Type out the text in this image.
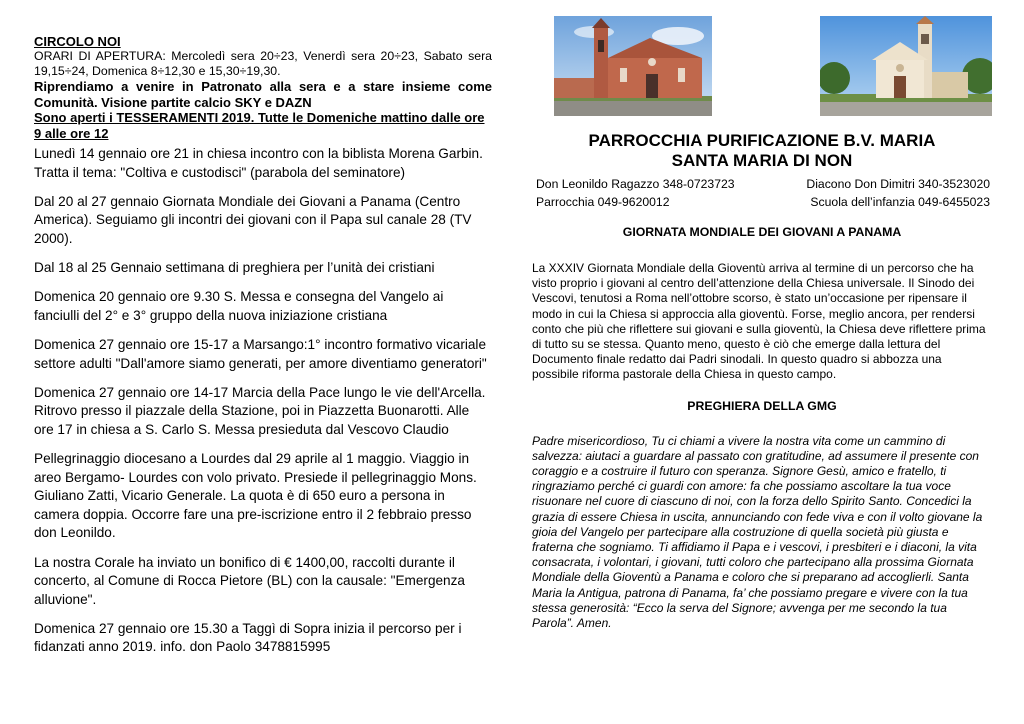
CIRCOLO NOI
ORARI DI APERTURA: Mercoledì sera 20÷23, Venerdì sera 20÷23, Sabato sera 19,15÷24, Domenica 8÷12,30 e 15,30÷19,30.
Riprendiamo a venire in Patronato alla sera e a stare insieme come Comunità. Visione partite calcio SKY e DAZN
Sono aperti i TESSERAMENTI 2019. Tutte le Domeniche mattino dalle ore 9 alle ore 12

Lunedì 14 gennaio ore 21 in chiesa incontro con la biblista Morena Garbin. Tratta il tema: "Coltiva e custodisci" (parabola del seminatore)

Dal 20 al 27 gennaio Giornata Mondiale dei Giovani a Panama (Centro America). Seguiamo gli incontri dei giovani con il Papa sul canale 28 (TV 2000).

Dal 18 al 25 Gennaio settimana di preghiera per l’unità dei cristiani

Domenica 20 gennaio ore 9.30 S. Messa e consegna del Vangelo ai fanciulli del 2° e 3° gruppo della nuova iniziazione cristiana

Domenica 27 gennaio ore 15-17 a Marsango:1° incontro formativo vicariale settore adulti "Dall'amore siamo generati, per amore diventiamo generatori"

Domenica 27 gennaio ore 14-17 Marcia della Pace lungo le vie dell'Arcella. Ritrovo presso il piazzale della Stazione, poi in Piazzetta Buonarotti. Alle ore 17 in chiesa a S. Carlo S. Messa presieduta dal Vescovo Claudio

Pellegrinaggio diocesano a Lourdes dal 29 aprile al 1 maggio. Viaggio in areo Bergamo- Lourdes con volo privato. Presiede il pellegrinaggio Mons. Giuliano Zatti, Vicario Generale. La quota è di 650 euro a persona in camera doppia. Occorre fare una pre-iscrizione entro il 2 febbraio presso don Leonildo.

La nostra Corale ha inviato un bonifico di € 1400,00, raccolti durante il concerto, al Comune di Rocca Pietore (BL) con la causale: "Emergenza alluvione".

Domenica 27 gennaio ore 15.30 a Taggì di Sopra inizia il percorso per i fidanzati anno 2019. info. don Paolo 3478815995

PARROCCHIA PURIFICAZIONE B.V. MARIA
SANTA MARIA DI NON
Don Leonildo Ragazzo 348-0723723	Diacono Don Dimitri 340-3523020
Parrocchia 049-9620012	Scuola dell’infanzia 049-6455023
GIORNATA MONDIALE DEI GIOVANI A PANAMA
La XXXIV Giornata Mondiale della Gioventù arriva al termine di un percorso che ha visto proprio i giovani al centro dell’attenzione della Chiesa universale. Il Sinodo dei Vescovi, tenutosi a Roma nell’ottobre scorso, è stato un’occasione per ripensare il modo in cui la Chiesa si approccia alla gioventù. Forse, meglio ancora, per rendersi conto che più che riflettere sui giovani e sulla gioventù, la Chiesa deve riflettere prima di tutto su se stessa. Quanto meno, questo è ciò che emerge dalla lettura del Documento finale redatto dai Padri sinodali. In questo quadro si abbozza una possibile riforma pastorale della Chiesa in questo campo.
PREGHIERA DELLA GMG
Padre misericordioso, Tu ci chiami a vivere la nostra vita come un cammino di salvezza: aiutaci a guardare al passato con gratitudine, ad assumere il presente con coraggio e a costruire il futuro con speranza. Signore Gesù, amico e fratello, ti ringraziamo perché ci guardi con amore: fa che possiamo ascoltare la tua voce risuonare nel cuore di ciascuno di noi, con la forza dello Spirito Santo. Concedici la grazia di essere Chiesa in uscita, annunciando con fede viva e con il volto giovane la gioia del Vangelo per partecipare alla costruzione di quella società più giusta e fraterna che sogniamo. Ti affidiamo il Papa e i vescovi, i presbiteri e i diaconi, la vita consacrata, i volontari, i giovani, tutti coloro che partecipano alla prossima Giornata Mondiale della Gioventù a Panama e coloro che si preparano ad accoglierli. Santa Maria la Antigua, patrona di Panama, fa’ che possiamo pregare e vivere con la tua stessa generosità: “Ecco la serva del Signore; avvenga per me secondo la tua Parola”. Amen.
